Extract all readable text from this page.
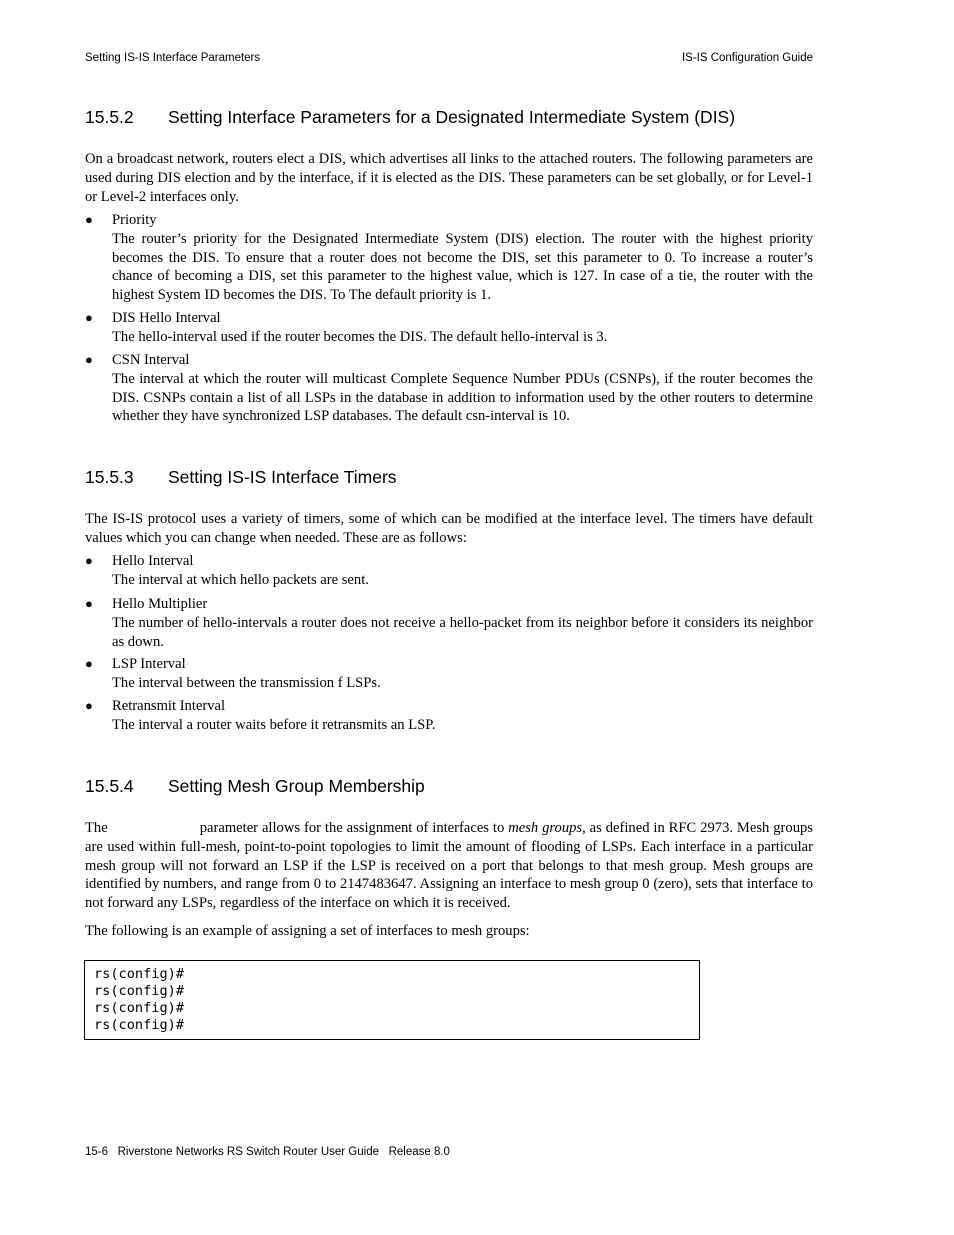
Setting IS-IS Interface Parameters	IS-IS Configuration Guide
15.5.2 Setting Interface Parameters for a Designated Intermediate System (DIS)
On a broadcast network, routers elect a DIS, which advertises all links to the attached routers. The following parameters are used during DIS election and by the interface, if it is elected as the DIS. These parameters can be set globally, or for Level-1 or Level-2 interfaces only.
● Priority
The router’s priority for the Designated Intermediate System (DIS) election. The router with the highest priority becomes the DIS. To ensure that a router does not become the DIS, set this parameter to 0. To increase a router’s chance of becoming a DIS, set this parameter to the highest value, which is 127. In case of a tie, the router with the highest System ID becomes the DIS. To The default priority is 1.
● DIS Hello Interval
The hello-interval used if the router becomes the DIS. The default hello-interval is 3.
● CSN Interval
The interval at which the router will multicast Complete Sequence Number PDUs (CSNPs), if the router becomes the DIS. CSNPs contain a list of all LSPs in the database in addition to information used by the other routers to determine whether they have synchronized LSP databases. The default csn-interval is 10.
15.5.3 Setting IS-IS Interface Timers
The IS-IS protocol uses a variety of timers, some of which can be modified at the interface level. The timers have default values which you can change when needed. These are as follows:
● Hello Interval
The interval at which hello packets are sent.
● Hello Multiplier
The number of hello-intervals a router does not receive a hello-packet from its neighbor before it considers its neighbor as down.
● LSP Interval
The interval between the transmission f LSPs.
● Retransmit Interval
The interval a router waits before it retransmits an LSP.
15.5.4 Setting Mesh Group Membership
The	parameter allows for the assignment of interfaces to mesh groups, as defined in RFC 2973. Mesh groups are used within full-mesh, point-to-point topologies to limit the amount of flooding of LSPs. Each interface in a particular mesh group will not forward an LSP if the LSP is received on a port that belongs to that mesh group. Mesh groups are identified by numbers, and range from 0 to 2147483647. Assigning an interface to mesh group 0 (zero), sets that interface to not forward any LSPs, regardless of the interface on which it is received.
The following is an example of assigning a set of interfaces to mesh groups:
rs(config)#
rs(config)#
rs(config)#
rs(config)#
15-6   Riverstone Networks RS Switch Router User Guide   Release 8.0
